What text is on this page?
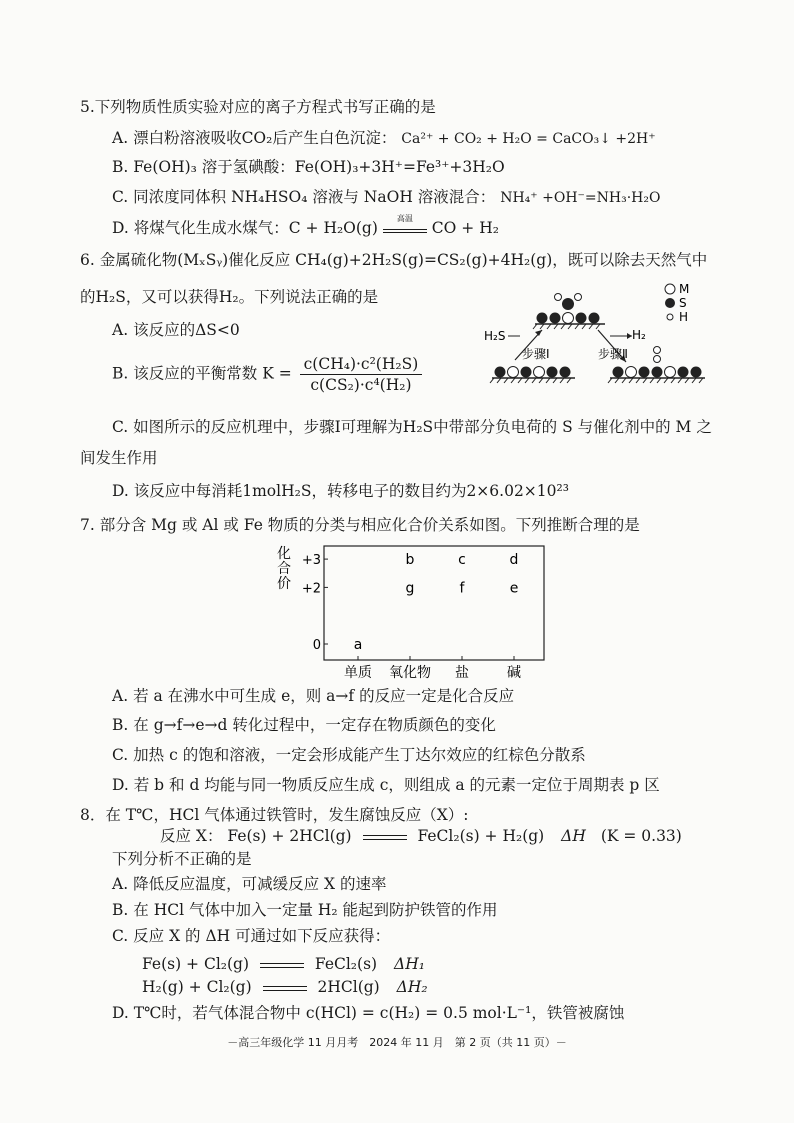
5.下列物质性质实验对应的离子方程式书写正确的是
A. 漂白粉溶液吸收CO₂后产生白色沉淀： Ca²⁺ + CO₂ + H₂O = CaCO₃↓ +2H⁺
B. Fe(OH)₃ 溶于氢碘酸：Fe(OH)₃+3H⁺=Fe³⁺+3H₂O
C. 同浓度同体积 NH₄HSO₄ 溶液与 NaOH 溶液混合： NH₄⁺ +OH⁻=NH₃·H₂O
D. 将煤气化生成水煤气：C + H₂O(g)
高温
CO + H₂
6. 金属硫化物(MₓSᵧ)催化反应 CH₄(g)+2H₂S(g)=CS₂(g)+4H₂(g)，既可以除去天然气中
的H₂S，又可以获得H₂。下列说法正确的是
A. 该反应的ΔS<0
B. 该反应的平衡常数 $K = \frac{\text{c(CH₄)·c²(H₂S)}}{\text{c(CS₂)·c⁴(H₂)}}$
M
S
H
H₂S
步骤Ⅰ
H₂
步骤Ⅱ
C. 如图所示的反应机理中，步骤Ⅰ可理解为H₂S中带部分负电荷的 S 与催化剂中的 M 之
间发生作用
D. 该反应中每消耗1molH₂S，转移电子的数目约为2×6.02×10²³
7. 部分含 Mg 或 Al 或 Fe 物质的分类与相应化合价关系如图。下列推断合理的是
化
合
价
+3
+2
0
单质 氧化物 盐	碱
a
b	c	d
g	f	e
A. 若 a 在沸水中可生成 e，则 a→f 的反应一定是化合反应
B. 在 g→f→e→d 转化过程中，一定存在物质颜色的变化
C. 加热 c 的饱和溶液，一定会形成能产生丁达尔效应的红棕色分散系
D. 若 b 和 d 均能与同一物质反应生成 c，则组成 a 的元素一定位于周期表 p 区
8．在 T℃，HCl 气体通过铁管时，发生腐蚀反应（X）:
反应 X： Fe(s) + 2HCl(g)	FeCl₂(s) + H₂(g) ΔH (K = 0.33)
下列分析不正确的是
A. 降低反应温度，可减缓反应 X 的速率
B. 在 HCl 气体中加入一定量 H₂ 能起到防护铁管的作用
C. 反应 X 的 ΔH 可通过如下反应获得：
Fe(s) + Cl₂(g)	FeCl₂(s) ΔH₁
H₂(g) + Cl₂(g)	2HCl(g) ΔH₂
D. T℃时，若气体混合物中 c(HCl) = c(H₂) = 0.5 mol·L⁻¹，铁管被腐蚀
－高三年级化学 11 月月考　2024 年 11 月　第 2 页（共 11 页）－
